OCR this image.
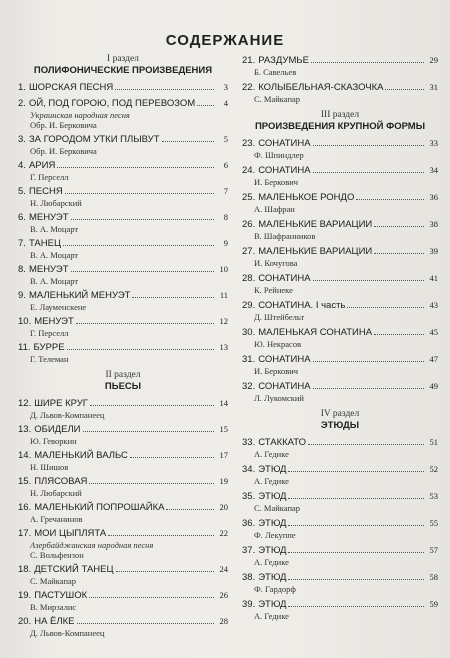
СОДЕРЖАНИЕ
I раздел
ПОЛИФОНИЧЕСКИЕ ПРОИЗВЕДЕНИЯ
1. ШОРСКАЯ ПЕСНЯ	3
2. ОЙ, ПОД ГОРОЮ, ПОД ПЕРЕВОЗОМ	4
Украинская народная песня
Обр. И. Берковича
3. ЗА ГОРОДОМ УТКИ ПЛЫВУТ	5
Обр. И. Берковича
4. АРИЯ	6
Г. Перселл
5. ПЕСНЯ	7
Н. Любарский
6. МЕНУЭТ	8
В. А. Моцарт
7. ТАНЕЦ	9
В. А. Моцарт
8. МЕНУЭТ	10
В. А. Моцарт
9. МАЛЕНЬКИЙ МЕНУЭТ	11
Е. Лауменскене
10. МЕНУЭТ	12
Г. Перселл
11. БУРРЕ	13
Г. Телеман
II раздел
ПЬЕСЫ
12. ШИРЕ КРУГ	14
Д. Львов-Компанеец
13. ОБИДЕЛИ	15
Ю. Геворкин
14. МАЛЕНЬКИЙ ВАЛЬС	17
Н. Шишов
15. ПЛЯСОВАЯ	19
Н. Любарский
16. МАЛЕНЬКИЙ ПОПРОШАЙКА	20
А. Гречанинов
17. МОИ ЦЫПЛЯТА	22
Азербайджанская народная песня
С. Вольфензон
18. ДЕТСКИЙ ТАНЕЦ	24
С. Майкапар
19. ПАСТУШОК	26
В. Мирзалис
20. НА ЁЛКЕ	28
Д. Львов-Компанеец
21. РАЗДУМЬЕ	29
Б. Савельев
22. КОЛЫБЕЛЬНАЯ-СКАЗОЧКА	31
С. Майкапар
III раздел
ПРОИЗВЕДЕНИЯ КРУПНОЙ ФОРМЫ
23. СОНАТИНА	33
Ф. Шпиндлер
24. СОНАТИНА	34
И. Беркович
25. МАЛЕНЬКОЕ РОНДО	36
А. Шафран
26. МАЛЕНЬКИЕ ВАРИАЦИИ	38
В. Шафранников
27. МАЛЕНЬКИЕ ВАРИАЦИИ	39
И. Кочугова
28. СОНАТИНА	41
К. Рейнеке
29. СОНАТИНА. I часть	43
Д. Штейбельт
30. МАЛЕНЬКАЯ СОНАТИНА	45
Ю. Некрасов
31. СОНАТИНА	47
И. Беркович
32. СОНАТИНА	49
Л. Лукомский
IV раздел
ЭТЮДЫ
33. СТАККАТО	51
А. Гедике
34. ЭТЮД	52
А. Гедике
35. ЭТЮД	53
С. Майкапар
36. ЭТЮД	55
Ф. Лекуппе
37. ЭТЮД	57
А. Гедике
38. ЭТЮД	58
Ф. Гардорф
39. ЭТЮД	59
А. Гедике
